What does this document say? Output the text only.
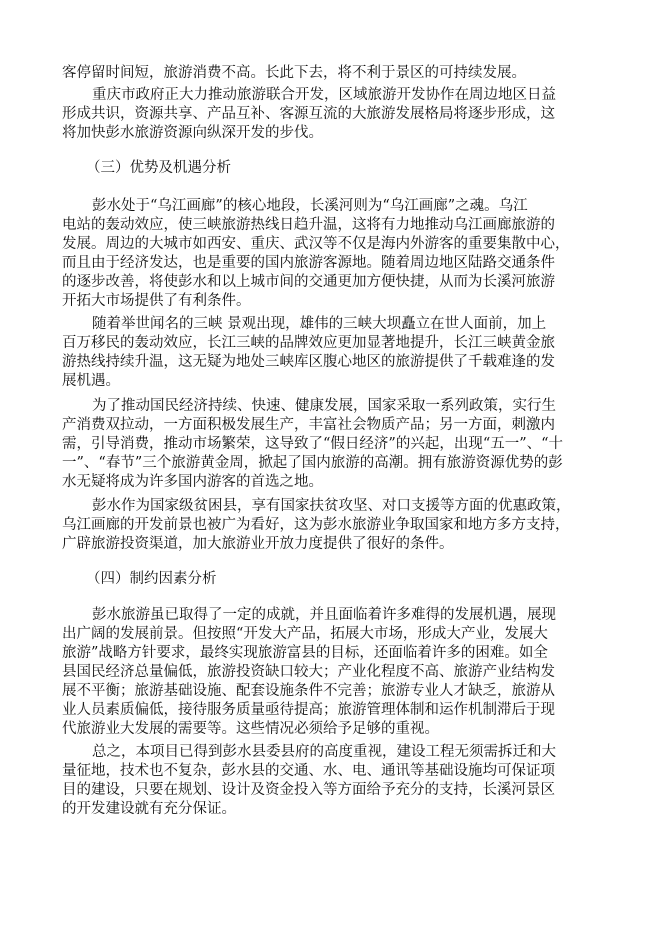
客停留时间短，旅游消费不高。长此下去，将不利于景区的可持续发展。
重庆市政府正大力推动旅游联合开发，区域旅游开发协作在周边地区日益
形成共识，资源共享、产品互补、客源互流的大旅游发展格局将逐步形成，这
将加快彭水旅游资源向纵深开发的步伐。
（三）优势及机遇分析
彭水处于“乌江画廊”的核心地段，长溪河则为“乌江画廊”之魂。乌江
电站的轰动效应，使三峡旅游热线日趋升温，这将有力地推动乌江画廊旅游的
发展。周边的大城市如西安、重庆、武汉等不仅是海内外游客的重要集散中心，
而且由于经济发达，也是重要的国内旅游客源地。随着周边地区陆路交通条件
的逐步改善，将使彭水和以上城市间的交通更加方便快捷，从而为长溪河旅游
开拓大市场提供了有利条件。
随着举世闻名的三峡 景观出现，雄伟的三峡大坝矗立在世人面前，加上
百万移民的轰动效应，长江三峡的品牌效应更加显著地提升，长江三峡黄金旅
游热线持续升温，这无疑为地处三峡库区腹心地区的旅游提供了千载难逢的发
展机遇。
为了推动国民经济持续、快速、健康发展，国家采取一系列政策，实行生
产消费双拉动，一方面积极发展生产，丰富社会物质产品；另一方面，刺激内
需，引导消费，推动市场繁荣，这导致了“假日经济”的兴起，出现“五一”、“十
一”、“春节”三个旅游黄金周，掀起了国内旅游的高潮。拥有旅游资源优势的彭
水无疑将成为许多国内游客的首选之地。
彭水作为国家级贫困县，享有国家扶贫攻坚、对口支援等方面的优惠政策，
乌江画廊的开发前景也被广为看好，这为彭水旅游业争取国家和地方多方支持，
广辟旅游投资渠道，加大旅游业开放力度提供了很好的条件。
（四）制约因素分析
彭水旅游虽已取得了一定的成就，并且面临着许多难得的发展机遇，展现
出广阔的发展前景。但按照“开发大产品，拓展大市场，形成大产业，发展大
旅游”战略方针要求，最终实现旅游富县的目标，还面临着许多的困难。如全
县国民经济总量偏低，旅游投资缺口较大；产业化程度不高、旅游产业结构发
展不平衡；旅游基础设施、配套设施条件不完善；旅游专业人才缺乏，旅游从
业人员素质偏低，接待服务质量亟待提高；旅游管理体制和运作机制滞后于现
代旅游业大发展的需要等。这些情况必须给予足够的重视。
总之，本项目已得到彭水县委县府的高度重视，建设工程无须需拆迁和大
量征地，技术也不复杂，彭水县的交通、水、电、通讯等基础设施均可保证项
目的建设，只要在规划、设计及资金投入等方面给予充分的支持，长溪河景区
的开发建设就有充分保证。
